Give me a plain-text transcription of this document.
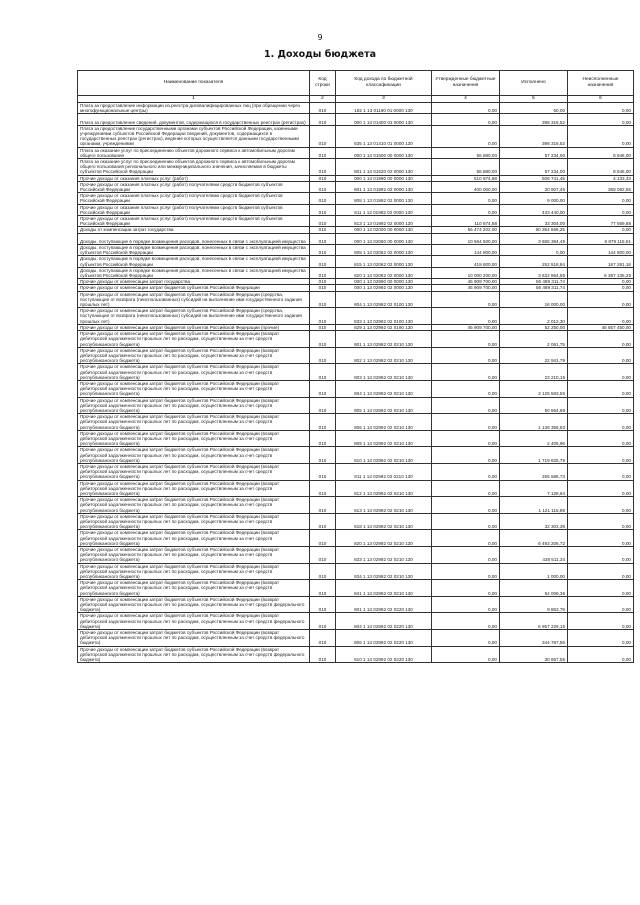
9
1. Доходы бюджета
Наименование показателя	Код строки	Код дохода по бюджетной классификации	Утвержденные бюджетные назначения	Исполнено	Неисполненные назначения
1	2	3	4	5	6
Плата за предоставление информации из реестра дисквалифицированных лиц (при обращении через многофункциональные центры)	010	182 1 13 01190 01 0000 130	0,00	50,00	0,00
Плата за предоставление сведений, документов, содержащихся в государственных реестрах (регистрах)	010	000 1 13 01400 01 0000 130	0,00	398 318,52	0,00
Плата за предоставление государственными органами субъектов Российской Федерации, казенными учреждениями субъектов Российской Федерации сведений, документов, содержащихся в государственных реестрах (регистрах), ведение которых осуществляется данными государственными органами, учреждениями	010	835 1 13 01410 01 0000 130	0,00	398 318,52	0,00
Плата за оказание услуг по присоединению объектов дорожного сервиса к автомобильным дорогам общего пользования	010	000 1 13 01500 00 0000 130	65 880,00	57 234,00	8 646,00
Плата за оказание услуг по присоединению объектов дорожного сервиса к автомобильным дорогам общего пользования регионального или межмуниципального значения, зачисляемая в бюджеты субъектов Российской Федерации	010	801 1 13 01520 02 0000 130	65 880,00	57 234,00	8 646,00
Прочие доходы от оказания платных услуг (работ)	010	000 1 13 01990 00 0000 130	510 874,88	506 741,45	4 133,43
Прочие доходы от оказания платных услуг (работ) получателями средств бюджетов субъектов Российской Федерации	010	801 1 13 01992 02 0000 130	400 000,00	30 907,45	369 092,55
Прочие доходы от оказания платных услуг (работ) получателями средств бюджетов субъектов Российской Федерации	010	808 1 13 01992 02 0000 130	0,00	9 000,00	0,00
Прочие доходы от оказания платных услуг (работ) получателями средств бюджетов субъектов Российской Федерации	010	811 1 13 01992 02 0000 130	0,00	433 440,00	0,00
Прочие доходы от оказания платных услуг (работ) получателями средств бюджетов субъектов Российской Федерации	010	813 1 13 01992 02 0000 130	110 874,88	33 304,00	77 569,88
Доходы от компенсации затрат государства	010	000 1 13 02000 00 0000 130	56 474 202,00	60 364 666,25	0,00
Доходы, поступающие в порядке возмещения расходов, понесенных в связи с эксплуатацией имущества	010	000 1 13 02060 00 0000 130	10 564 500,00	3 655 384,49	6 879 115,51
Доходы, поступающие в порядке возмещения расходов, понесенных в связи с эксплуатацией имущества субъектов Российской Федерации	010	808 1 13 02062 02 0000 130	144 800,00	0,00	144 800,00
Доходы, поступающие в порядке возмещения расходов, понесенных в связи с эксплуатацией имущества субъектов Российской Федерации	010	815 1 13 02062 02 0000 130	419 800,00	252 518,84	167 281,16
Доходы, поступающие в порядке возмещения расходов, понесенных в связи с эксплуатацией имущества субъектов Российской Федерации	010	820 1 13 02062 02 0000 130	10 000 200,00	3 632 864,55	6 367 135,25
Прочие доходы от компенсации затрат государства	010	000 1 13 02990 00 0000 130	45 909 700,00	56 489 311,74	0,00
Прочие доходы от компенсации затрат бюджетов субъектов Российской Федерации	010	000 1 13 02992 02 0000 130	45 909 700,00	56 489 311,74	0,00
Прочие доходы от компенсации затрат бюджетов субъектов Российской Федерации (средства, поступающие от возврата (neиспользованных) субсидий на выполнение ими государственного задания прошлых лет)	010	804 1 13 02992 02 0100 130	0,00	16 000,00	0,00
Прочие доходы от компенсации затрат бюджетов субъектов Российской Федерации (средства, поступающие от возврата (неиспользованных) субсидий на выполнение ими государственного задания прошлых лет)	010	833 1 13 02992 02 0100 130	0,00	2 012,30	0,00
Прочие доходы от компенсации затрат бюджетов субъектов Российской Федерации (прочие)	010	829 1 13 02992 02 0190 130	45 909 700,00	52 250,00	45 857 450,00
Прочие доходы от компенсации затрат бюджетов субъектов Российской Федерации (возврат дебиторской задолженности прошлых лет по расходам, осуществленным за счет средств республиканского бюджета)	010	801 1 13 02992 02 0210 130	0,00	2 061,75	0,00
Прочие доходы от компенсации затрат бюджетов субъектов Российской Федерации (возврат дебиторской задолженности прошлых лет по расходам, осуществленным за счет средств республиканского бюджета)	010	802 1 13 02992 02 0210 130	0,00	22 941,79	0,00
Прочие доходы от компенсации затрат бюджетов субъектов Российской Федерации (возврат дебиторской задолженности прошлых лет по расходам, осуществленным за счет средств республиканского бюджета)	010	803 1 13 02992 02 0210 130	0,00	23 210,15	0,00
Прочие доходы от компенсации затрат бюджетов субъектов Российской Федерации (возврат дебиторской задолженности прошлых лет по расходам, осуществленным за счет средств республиканского бюджета)	010	804 1 13 02992 02 0210 130	0,00	3 125 583,55	0,00
Прочие доходы от компенсации затрат бюджетов субъектов Российской Федерации (возврат дебиторской задолженности прошлых лет по расходам, осуществленным за счет средств республиканского бюджета)	010	805 1 13 02992 02 0210 130	0,00	50 664,69	0,00
Прочие доходы от компенсации затрат бюджетов субъектов Российской Федерации (возврат дебиторской задолженности прошлых лет по расходам, осуществленным за счет средств республиканского бюджета)	010	806 1 13 02992 02 0210 130	0,00	1 136 356,83	0,00
Прочие доходы от компенсации затрат бюджетов субъектов Российской Федерации (возврат дебиторской задолженности прошлых лет по расходам, осуществленным за счет средств республиканского бюджета)	010	809 1 13 02992 02 0210 130	0,00	2 405,96	0,00
Прочие доходы от компенсации затрат бюджетов субъектов Российской Федерации (возврат дебиторской задолженности прошлых лет по расходам, осуществленным за счет средств республиканского бюджета)	010	810 1 13 02992 02 0210 130	0,00	1 719 825,79	0,00
Прочие доходы от компенсации затрат бюджетов субъектов Российской Федерации (возврат дебиторской задолженности прошлых лет по расходам, осуществленным за счет средств республиканского бюджета)	010	811 1 13 02992 02 0210 130	0,00	255 586,73	0,00
Прочие доходы от компенсации затрат бюджетов субъектов Российской Федерации (возврат дебиторской задолженности прошлых лет по расходам, осуществленным за счет средств республиканского бюджета)	010	812 1 13 02992 02 0210 130	0,00	7 128,64	0,00
Прочие доходы от компенсации затрат бюджетов субъектов Российской Федерации (возврат дебиторской задолженности прошлых лет по расходам, осуществленным за счет средств республиканского бюджета)	010	813 1 13 02992 02 0210 130	0,00	1 121 115,86	0,00
Прочие доходы от компенсации затрат бюджетов субъектов Российской Федерации (возврат дебиторской задолженности прошлых лет по расходам, осуществленным за счет средств республиканского бюджета)	010	818 1 13 02992 02 0210 130	0,00	32 303,36	0,00
Прочие доходы от компенсации затрат бюджетов субъектов Российской Федерации (возврат дебиторской задолженности прошлых лет по расходам, осуществленным за счет средств республиканского бюджета)	010	820 1 13 02992 02 0210 130	0,00	6 493 206,72	0,00
Прочие доходы от компенсации затрат бюджетов субъектов Российской Федерации (возврат дебиторской задолженности прошлых лет по расходам, осуществленным за счет средств республиканского бюджета)	010	833 1 13 02992 02 0210 130	0,00	438 511,34	0,00
Прочие доходы от компенсации затрат бюджетов субъектов Российской Федерации (возврат дебиторской задолженности прошлых лет по расходам, осуществленным за счет средств республиканского бюджета)	010	834 1 13 02992 02 0210 130	0,00	1 000,00	0,00
Прочие доходы от компенсации затрат бюджетов субъектов Российской Федерации (возврат дебиторской задолженности прошлых лет по расходам, осуществленным за счет средств республиканского бюджета)	010	841 1 13 02992 02 0210 130	0,00	54 008,36	0,00
Прочие доходы от компенсации затрат бюджетов субъектов Российской Федерации (возврат дебиторской задолженности прошлых лет по расходам, осуществленным за счет средств федерального бюджета)	010	801 1 13 02992 02 0220 130	0,00	9 863,79	0,00
Прочие доходы от компенсации затрат бюджетов субъектов Российской Федерации (возврат дебиторской задолженности прошлых лет по расходам, осуществленным за счет средств федерального бюджета)	010	804 1 13 02992 02 0220 130	0,00	6 957 229,15	0,00
Прочие доходы от компенсации затрат бюджетов субъектов Российской Федерации (возврат дебиторской задолженности прошлых лет по расходам, осуществленным за счет средств федерального бюджета)	010	806 1 13 02992 02 0220 130	0,00	344 787,59	0,00
Прочие доходы от компенсации затрат бюджетов субъектов Российской Федерации (возврат дебиторской задолженности прошлых лет по расходам, осуществленным за счет средств федерального бюджета)	010	810 1 13 02992 02 0220 130	0,00	30 667,55	0,00
